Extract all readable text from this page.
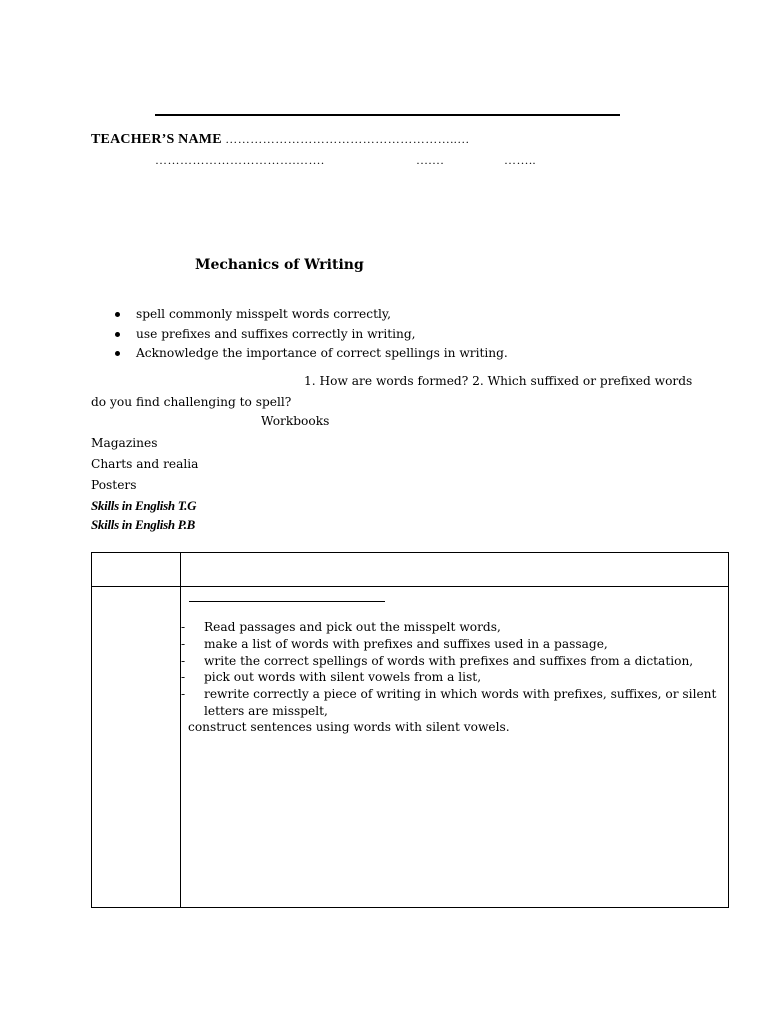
TEACHER’S NAME ………………………………………………..…
…………………………….…….	….…	……..
Mechanics of Writing
spell commonly misspelt words correctly,
use prefixes and suffixes correctly in writing,
Acknowledge the importance of correct spellings in writing.
1. How are words formed? 2. Which suffixed or prefixed words
do you find challenging to spell?
Workbooks
Magazines
Charts and realia
Posters
Skills in English T.G
Skills in English P.B
- Read passages and pick out the misspelt words,
- make a list of words with prefixes and suffixes used in a passage,
- write the correct spellings of words with prefixes and suffixes from a dictation,
- pick out words with silent vowels from a list,
- rewrite correctly a piece of writing in which words with prefixes, suffixes, or silent letters are misspelt,
construct sentences using words with silent vowels.
